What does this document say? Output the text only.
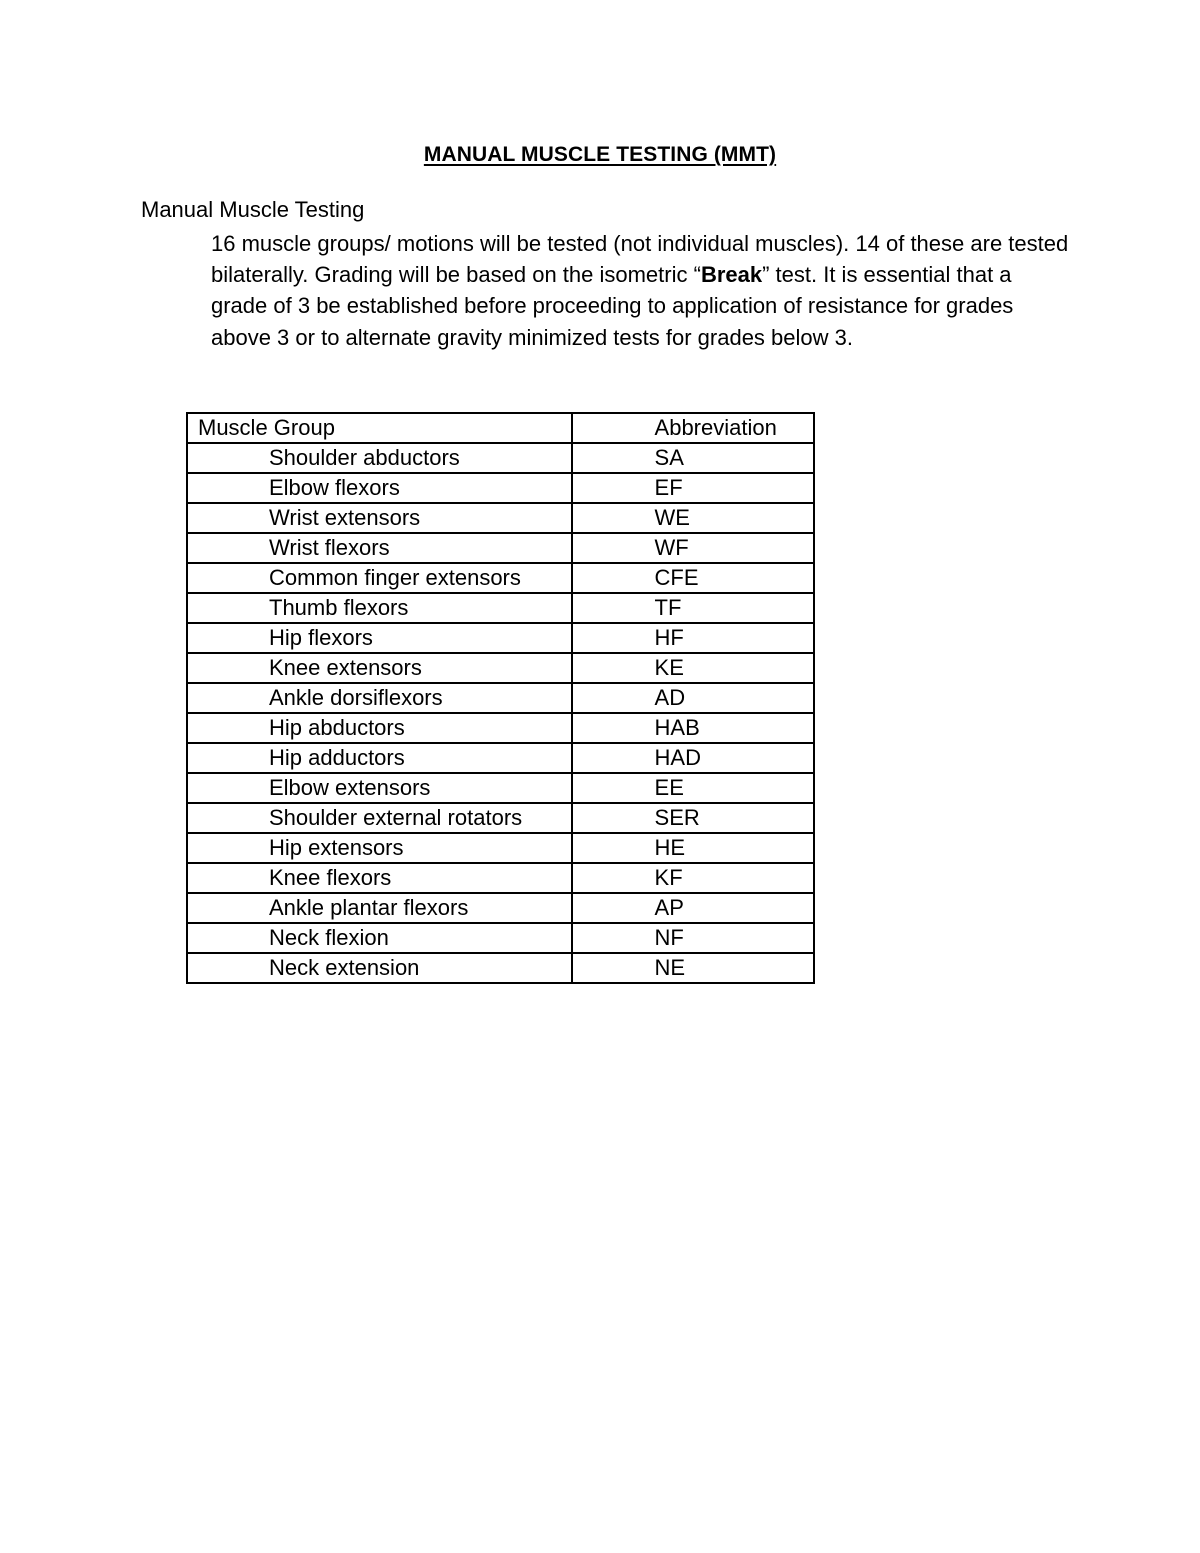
MANUAL MUSCLE TESTING (MMT)
Manual Muscle Testing

16 muscle groups/ motions will be tested (not individual muscles). 14 of these are tested bilaterally. Grading will be based on the isometric “Break” test. It is essential that a grade of 3 be established before proceeding to application of resistance for grades above 3 or to alternate gravity minimized tests for grades below 3.

Muscle Group	Abbreviation
Shoulder abductors	SA
Elbow flexors	EF
Wrist extensors	WE
Wrist flexors	WF
Common finger extensors	CFE
Thumb flexors	TF
Hip flexors	HF
Knee extensors	KE
Ankle dorsiflexors	AD
Hip abductors	HAB
Hip adductors	HAD
Elbow extensors	EE
Shoulder external rotators	SER
Hip extensors	HE
Knee flexors	KF
Ankle plantar flexors	AP
Neck flexion	NF
Neck extension	NE
